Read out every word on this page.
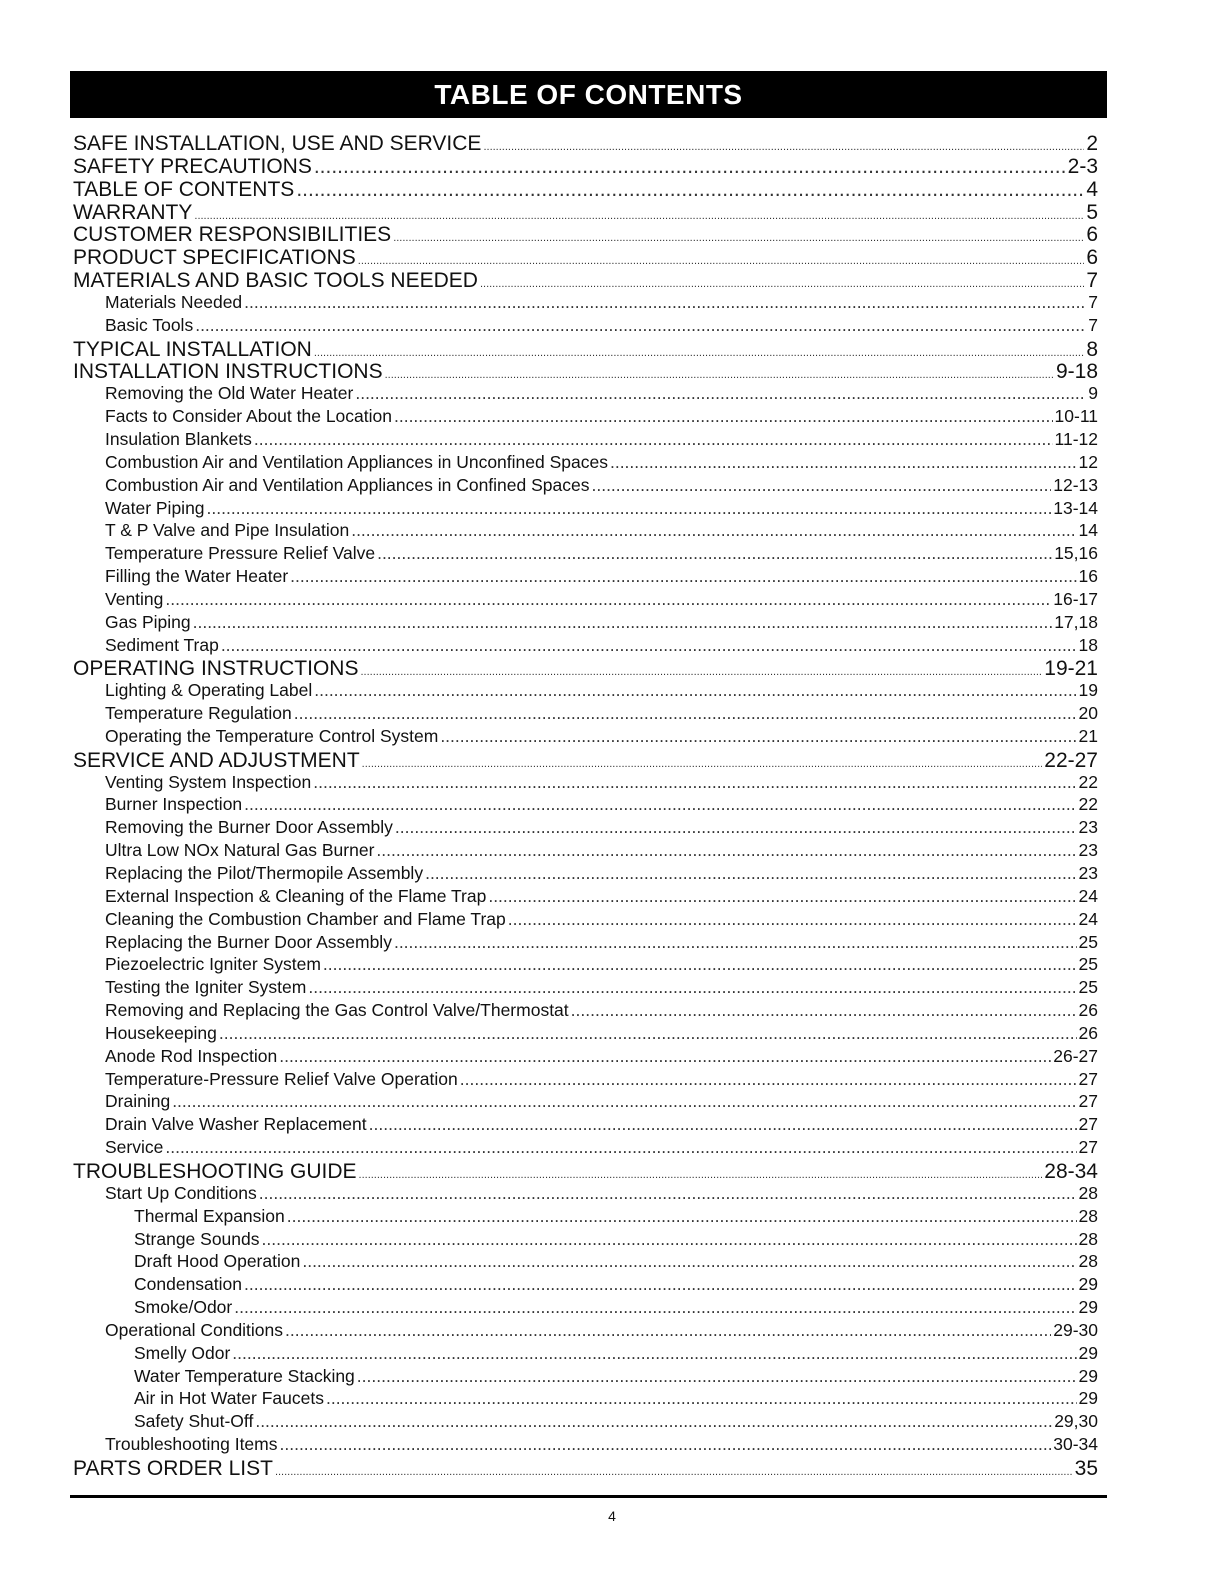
TABLE OF CONTENTS
SAFE INSTALLATION, USE AND SERVICE .....	2
SAFETY PRECAUTIONS .....	2-3
TABLE OF CONTENTS .....	4
WARRANTY .....	5
CUSTOMER RESPONSIBILITIES .....	6
PRODUCT SPECIFICATIONS .....	6
MATERIALS AND BASIC TOOLS NEEDED .....	7
Materials Needed .....	7
Basic Tools .....	7
TYPICAL INSTALLATION .....	8
INSTALLATION INSTRUCTIONS .....	9-18
Removing the Old Water Heater .....	9
Facts to Consider About the Location .....	10-11
Insulation Blankets .....	11-12
Combustion Air and Ventilation Appliances in Unconfined Spaces .....	12
Combustion Air and Ventilation Appliances in Confined Spaces .....	12-13
Water Piping .....	13-14
T & P Valve and Pipe Insulation .....	14
Temperature Pressure Relief Valve .....	15,16
Filling the Water Heater .....	16
Venting .....	16-17
Gas Piping .....	17,18
Sediment Trap .....	18
OPERATING INSTRUCTIONS .....	19-21
Lighting & Operating Label .....	19
Temperature Regulation .....	20
Operating the Temperature Control System .....	21
SERVICE AND ADJUSTMENT .....	22-27
Venting System Inspection .....	22
Burner Inspection .....	22
Removing the Burner Door Assembly .....	23
Ultra Low NOx Natural Gas Burner .....	23
Replacing the Pilot/Thermopile Assembly .....	23
External Inspection & Cleaning of the Flame Trap .....	24
Cleaning the Combustion Chamber and Flame Trap .....	24
Replacing the Burner Door Assembly .....	25
Piezoelectric Igniter System .....	25
Testing the Igniter System .....	25
Removing and Replacing the Gas Control Valve/Thermostat .....	26
Housekeeping .....	26
Anode Rod Inspection .....	26-27
Temperature-Pressure Relief Valve Operation .....	27
Draining .....	27
Drain Valve Washer Replacement .....	27
Service .....	27
TROUBLESHOOTING GUIDE .....	28-34
Start Up Conditions .....	28
Thermal Expansion .....	28
Strange Sounds .....	28
Draft Hood Operation .....	28
Condensation .....	29
Smoke/Odor .....	29
Operational Conditions .....	29-30
Smelly Odor .....	29
Water Temperature Stacking .....	29
Air in Hot Water Faucets .....	29
Safety Shut-Off .....	29,30
Troubleshooting Items .....	30-34
PARTS ORDER LIST .....	35
4
